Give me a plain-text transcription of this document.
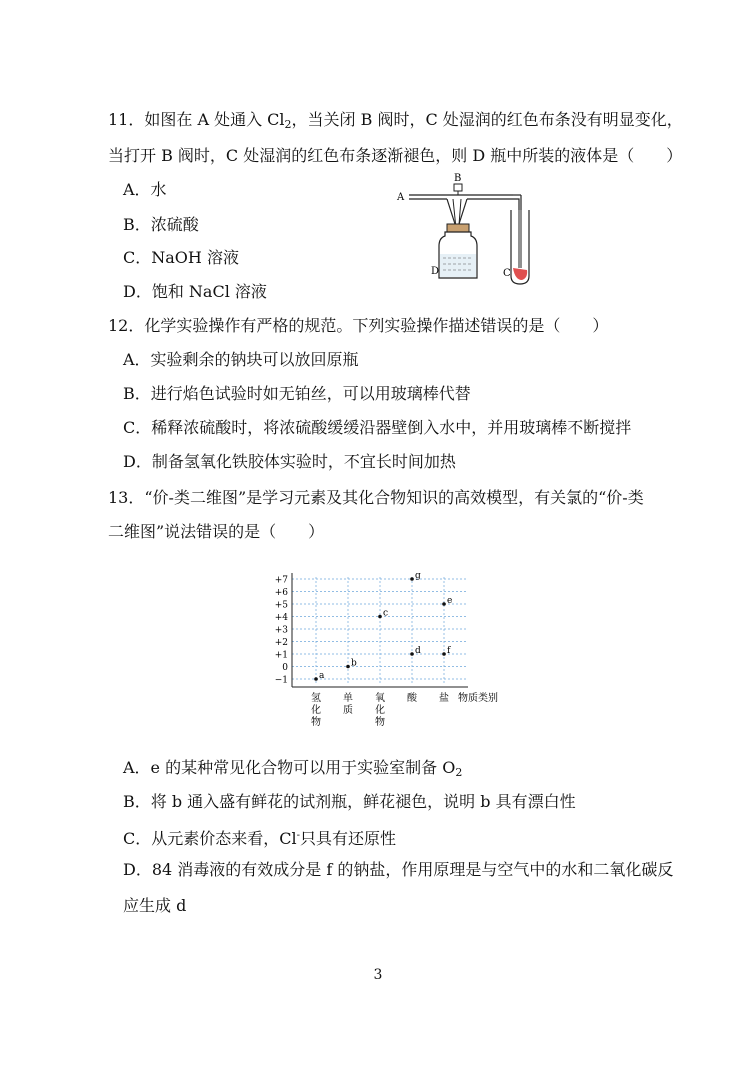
11．如图在 A 处通入 $Cl_2$，当关闭 B 阀时，C 处湿润的红色布条没有明显变化，
当打开 B 阀时，C 处湿润的红色布条逐渐褪色，则 D 瓶中所装的液体是（　　）
A．水
B．浓硫酸
C．NaOH 溶液
D．饱和 NaCl 溶液
A
B
C
D
12．化学实验操作有严格的规范。下列实验操作描述错误的是（　　）
A．实验剩余的钠块可以放回原瓶
B．进行焰色试验时如无铂丝，可以用玻璃棒代替
C．稀释浓硫酸时，将浓硫酸缓缓沿器壁倒入水中，并用玻璃棒不断搅拌
D．制备氢氧化铁胶体实验时，不宜长时间加热
13．“价-类二维图”是学习元素及其化合物知识的高效模型，有关氯的“价-类
二维图”说法错误的是（　　）
+7
+6
+5
+4
+3
+2
+1
0
−1
氢
化
物
单
质
氧
化
物
酸 盐
a
b
c
d
e
f
g
物质类别
A．e 的某种常见化合物可以用于实验室制备 $O_2$
B．将 b 通入盛有鲜花的试剂瓶，鲜花褪色，说明 b 具有漂白性
C．从元素价态来看，Cl-只具有还原性
D．84 消毒液的有效成分是 f 的钠盐，作用原理是与空气中的水和二氧化碳反
应生成 d
3
